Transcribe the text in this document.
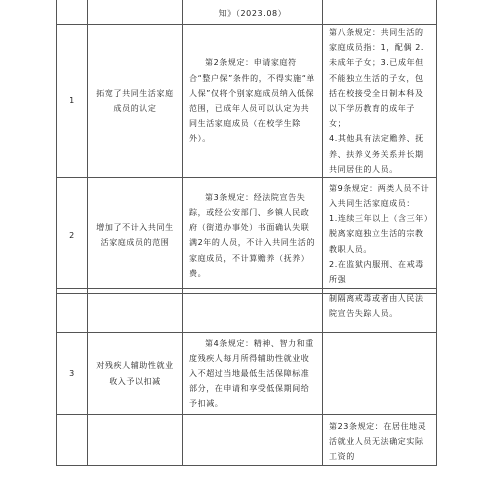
		知》（2023.08）	
1	拓宽了共同生活家庭成员的认定	第2条规定：申请家庭符合“整户保”条件的，不得实施“单人保”仅将个别家庭成员纳入低保范围，已成年人员可以认定为共同生活家庭成员（在校学生除外）。	第八条规定：共同生活的家庭成员指：1，配偶 2.未成年子女；3.已成年但不能独立生活的子女，包括在校接受全日制本科及以下学历教育的成年子女；
4.其他具有法定赡养、抚养、扶养义务关系并长期共同居住的人员。

2	增加了不计入共同生活家庭成员的范围	第3条规定：经法院宣告失踪，或经公安部门、乡镇人民政府（街道办事处）书面确认失联满2年的人员，不计入共同生活的家庭成员，不计算赡养（抚养）费。	第9条规定：两类人员不计入共同生活家庭成员：
1.连续三年以上（含三年）脱离家庭独立生活的宗教教职人员。
2.在监狱内服刑、在戒毒所强

			制隔离戒毒或者由人民法院宣告失踪人员。

3	对残疾人辅助性就业收入予以扣减	第4条规定：精神、智力和重度残疾人每月所得辅助性就业收入不超过当地最低生活保障标准部分，在申请和享受低保期间给予扣减。	

			第23条规定：在居住地灵活就业人员无法确定实际工资的
